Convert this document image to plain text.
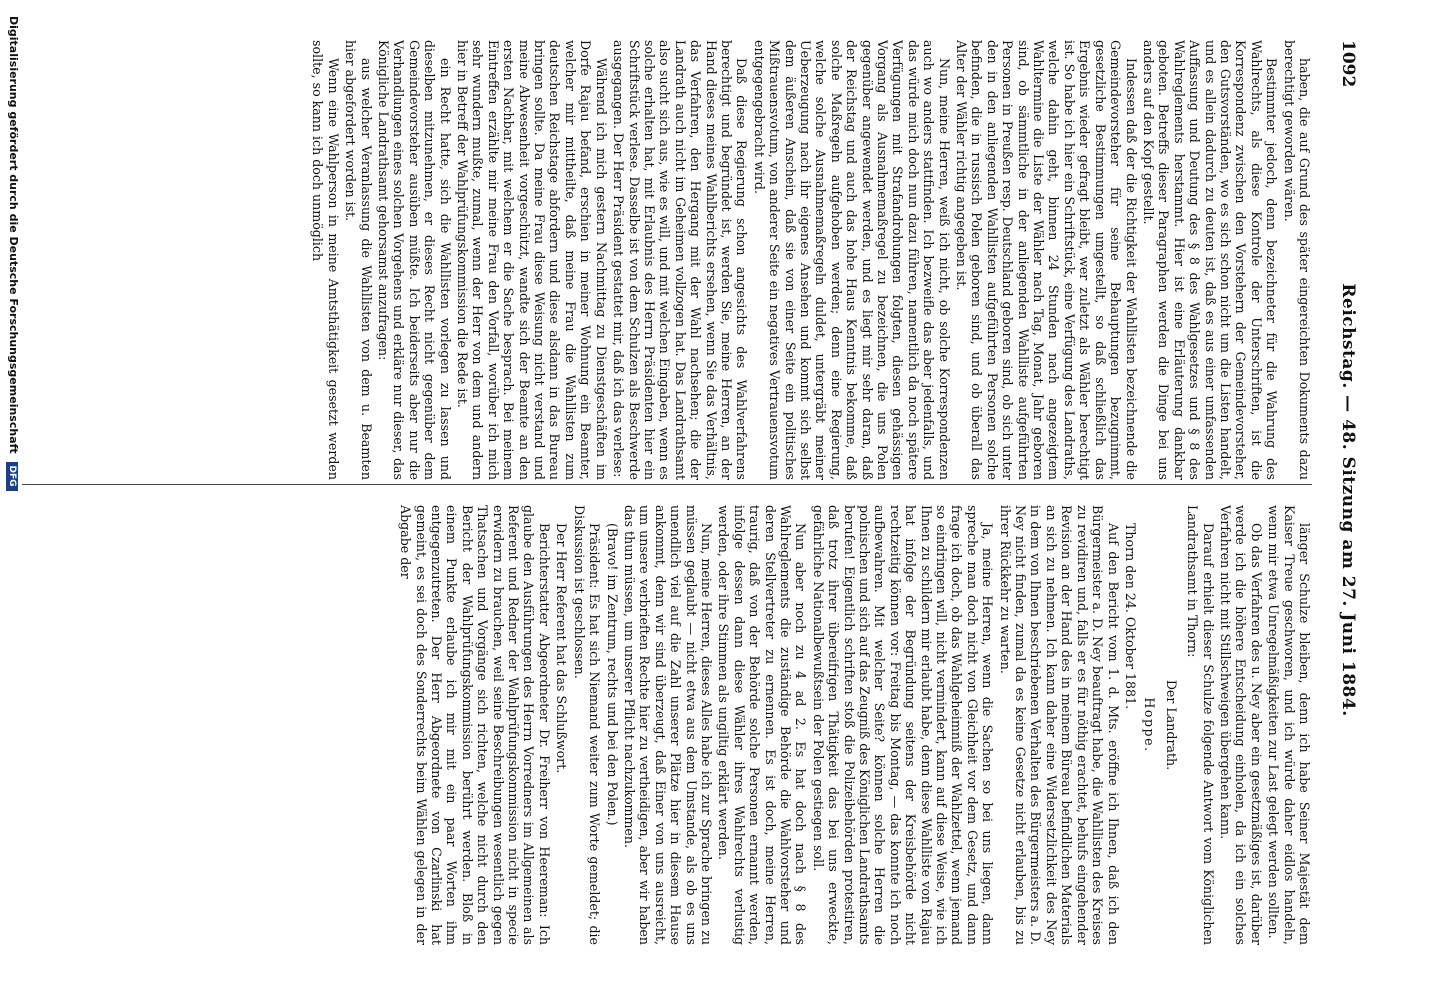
Digitalisierung gefördert durch die Deutsche Forschungsgemeinschaft DFG
1092
Reichstag. — 48. Sitzung am 27. Juni 1884.

haben, die auf Grund des später eingereichten Dokuments dazu berechtigt geworden wären.

Bestimmter jedoch, denn bezeichneter für die Wahrung des Wahlrechts, als diese Kontrole der Unterschriften, ist die Korrespondenz zwischen den Vorstehern der Gemeindevorsteher, den Gutsvorständen, wo es sich schon nicht um die Listen handelt, und es allein dadurch zu deuten ist, daß es aus einer umfassenden Auffassung und Deutung des § 8 des Wahlgesetzes und § 8 des Wahlreglements herstammt. Hier ist eine Erläuterung dankbar geboten. Betreffs dieser Paragraphen werden die Dinge bei uns anders auf den Kopf gestellt.

Indessen daß der die Richtigkeit der Wahllisten bezeichnende die Gemeindevorsteher für seine Behauptungen bezugnimmt, gesetzliche Bestimmungen umgestellt, so daß schließlich das Ergebnis wieder gefragt bleibt, wer zuletzt als Wähler berechtigt ist. So habe ich hier ein Schriftstück, eine Verfügung des Landraths, welche dahin geht, binnen 24 Stunden nach angezeigtem Wahltermine die Liste der Wähler nach Tag, Monat, Jahr geboren sind, ob sämmtliche in der anliegenden Wahlliste aufgeführten Personen in Preußen resp. Deutschland geboren sind, ob sich unter den in den anliegenden Wahllisten aufgeführten Personen solche befinden, die in russisch Polen geboren sind, und ob überall das Alter der Wähler richtig angegeben ist.

Nun, meine Herren, weiß ich nicht, ob solche Korrespondenzen auch wo anders stattfinden. Ich bezweifle das aber jedenfalls, und das würde mich doch nun dazu führen, namentlich da noch spätere Verfügungen mit Strafandrohungen folgten, diesen gehässigen Vorgang als Ausnahmemaßregel zu bezeichnen, die uns Polen gegenüber angewendet werden, und es liegt mir sehr daran, daß der Reichstag und auch das hohe Haus Kenntnis bekomme, daß solche Maßregeln aufgehoben werden; denn eine Regierung, welche solche Ausnahmemaßregeln duldet, untergräbt meiner Ueberzeugung nach ihr eigenes Ansehen und kommt sich selbst dem äußeren Anschein, daß sie von einer Seite ein politisches Mißtrauensvotum, von anderer Seite ein negatives Vertrauensvotum entgegengebracht wird.

Daß diese Regierung schon angesichts des Wahlverfahrens berechtigt und begründet ist, werden Sie, meine Herren, an der Hand dieses meines Wahlberichts ersehen, wenn Sie das Verhältnis, das Verfahren, den Hergang mit der Wahl nachsehen; die der Landrath auch nicht im Geheimen vollzogen hat. Das Landrathsamt also sucht sich aus, wie es will, und mit welchen Eingaben, wenn es solche erhalten hat, mit Erlaubnis des Herrn Präsidenten hier ein Schriftstück verlese. Dasselbe ist von dem Schulzen als Beschwerde ausgegangen. Der Herr Präsident gestattet mir, daß ich das verlese:

Während ich mich gestern Nachmittag zu Dienstgeschäften im Dorfe Rajau befand, erschien in meiner Wohnung ein Beamter, welcher mir mittheilte, daß meine Frau die Wahllisten zum deutschen Reichstage abfordern und diese alsdann in das Bureau bringen sollte. Da meine Frau diese Weisung nicht verstand und meine Abwesenheit vorgeschützt, wandte sich der Beamte an den ersten Nachbar, mit welchem er die Sache besprach. Bei meinem Eintreffen erzählte mir meine Frau den Vorfall, worüber ich mich sehr wundern mußte, zumal, wenn der Herr von dem und andern hier in Betreff der Wahlprüfungskommission die Rede ist.

ein Recht hatte, sich die Wahllisten vorlegen zu lassen und dieselben mitzunehmen, er dieses Recht nicht gegenüber dem Gemeindevorsteher ausüben müßte. Ich beiderseits aber nur die Verhandlungen eines solchen Vorgehens und erkläre nur dieser, das Königliche Landrathsamt gehorsamst anzufragen:

aus welcher Veranlassung die Wahllisten von dem u. Beamten hier abgefordert worden ist.

Wenn eine Wahlperson in meine Amtsthätigkeit gesetzt werden sollte, so kann ich doch unmöglich

länger Schulze bleiben, denn ich habe Seiner Majestät dem Kaiser Treue geschworen, und ich würde daher eidlos handeln, wenn mir etwa Unregelmäßigkeiten zur Last gelegt werden sollten.

Ob das Verfahren des u. Ney aber ein gesetzmäßiges ist, darüber werde ich die höhere Entscheidung einholen, da ich ein solches Verfahren nicht mit Stillschweigen übergehen kann.

Darauf erhielt dieser Schulze folgende Antwort vom Königlichen Landrathsamt in Thorn:

Der Landrath.

Hoppe.

Thorn den 24. Oktober 1881.

Auf den Bericht vom 1. d. Mts. eröffne ich Ihnen, daß ich den Bürgermeister a. D. Ney beauftragt habe, die Wahllisten des Kreises zu revidiren und, falls er es für nöthig erachtet, behufs eingehender Revision an der Hand des in meinem Büreau befindlichen Materials an sich zu nehmen. Ich kann daher eine Widersetzlichkeit des Ney in dem von Ihnen beschriebenen Verhalten des Bürgermeisters a. D. Ney nicht finden, zumal da es keine Gesetze nicht erlauben, bis zu ihrer Rückkehr zu warten.

Ja, meine Herren, wenn die Sachen so bei uns liegen, dann spreche man doch nicht von Gleichheit vor dem Gesetz, und dann frage ich doch, ob das Wahlgeheimniß der Wahlzettel, wenn jemand so eindringen will, nicht vermindert, kann auf diese Weise, wie ich Ihnen zu schildern mir erlaubt habe, denn diese Wahlliste von Rajau hat infolge der Begründung seitens der Kreisbehörde nicht rechtzeitig können vor: Freitag bis Montag, — das konnte ich noch aufbewahren. Mit welcher Seite? können solche Herren die polnischen und sich auf das Zeugniß des Königlichen Landrathsamts berufen! Eigentlich schriften stoß die Polizeibehörden protestiren, daß trotz ihrer übereifrigen Thätigkeit das bei uns erweckte, gefährliche Nationalbewußtsein der Polen gestiegen soll.

Nun aber noch zu 4 ad 2. Es hat doch nach § 8 des Wahlreglements die zuständige Behörde die Wahlvorsteher und deren Stellvertreter zu ernennen. Es ist doch, meine Herren, traurig, daß von der Behörde solche Personen ernannt werden, infolge dessen dann diese Wähler ihres Wahlrechts verlustig werden, oder ihre Stimmen als ungiltig erklärt werden.

Nun, meine Herren, dieses Alles habe ich zur Sprache bringen zu müssen geglaubt — nicht etwa aus dem Umstande, als ob es uns unendlich viel auf die Zahl unserer Plätze hier in diesem Hause ankommt, denn wir sind überzeugt, daß Einer von uns ausreicht, um unsere verbrieften Rechte hier zu vertheidigen, aber wir haben das thun müssen, um unserer Pflicht nachzukommen.

(Bravo! im Zentrum, rechts und bei den Polen.)

Präsident: Es hat sich Niemand weiter zum Worte gemeldet; die Diskussion ist geschlossen.

Der Herr Referent hat das Schlußwort.

Berichterstatter Abgeordneter Dr. Freiherr von Heereman: Ich glaube den Ausführungen des Herrn Vorredners im Allgemeinen als Referent und Redner der Wahlprüfungskommission nicht in specie erwidern zu brauchen, weil seine Beschreibungen wesentlich gegen Thatsachen und Vorgänge sich richten, welche nicht durch den Bericht der Wahlprüfungskommission berührt werden. Bloß in einem Punkte erlaube ich mir mit ein paar Worten ihm entgegenzutreten. Der Herr Abgeordnete von Czarlinski hat gemeint, es sei doch des Sonderrechts beim Wählen gelegen in der Abgabe der
